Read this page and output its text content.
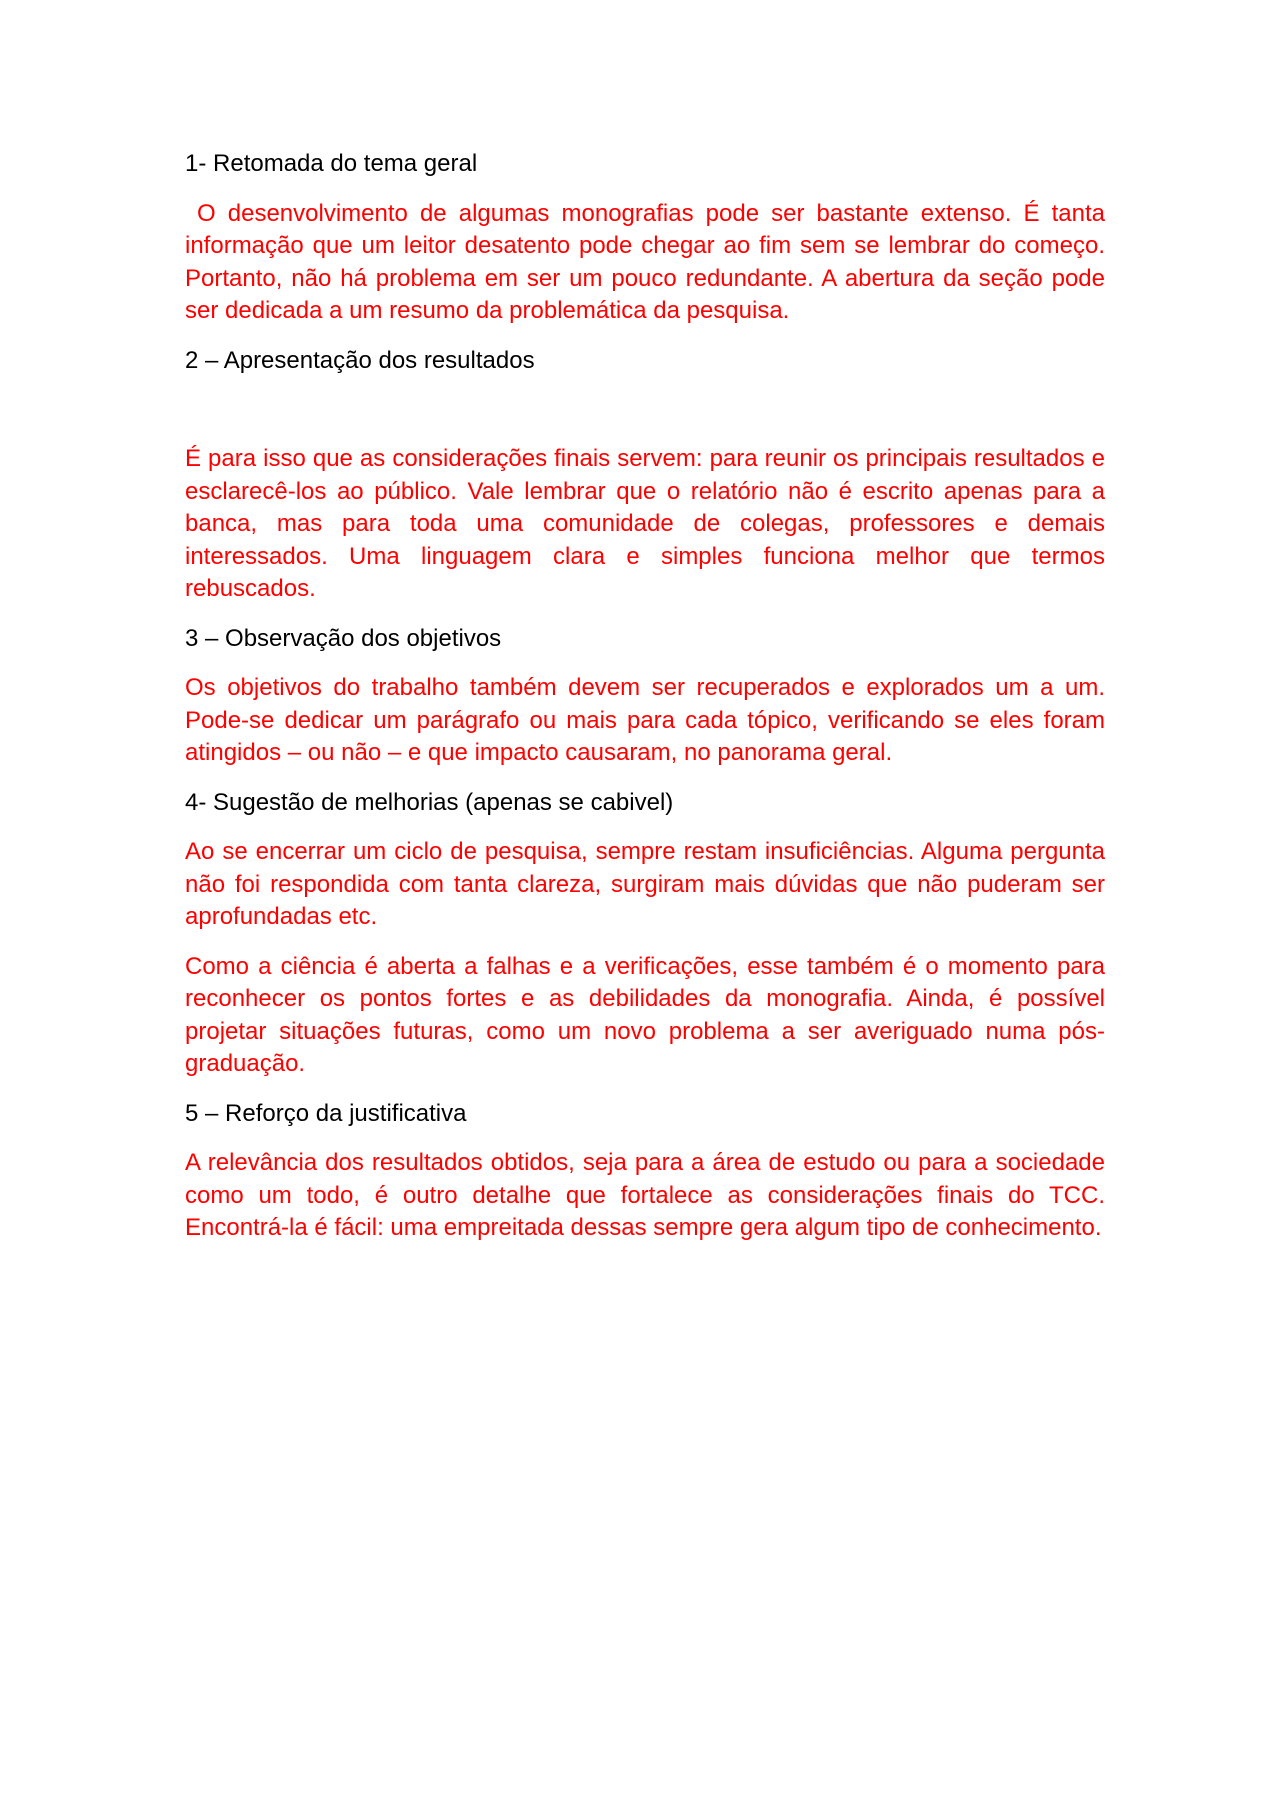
1- Retomada do tema geral

O desenvolvimento de algumas monografias pode ser bastante extenso. É tanta informação que um leitor desatento pode chegar ao fim sem se lembrar do começo. Portanto, não há problema em ser um pouco redundante. A abertura da seção pode ser dedicada a um resumo da problemática da pesquisa.

2 – Apresentação dos resultados

É para isso que as considerações finais servem: para reunir os principais resultados e esclarecê-los ao público. Vale lembrar que o relatório não é escrito apenas para a banca, mas para toda uma comunidade de colegas, professores e demais interessados. Uma linguagem clara e simples funciona melhor que termos rebuscados.

3 – Observação dos objetivos

Os objetivos do trabalho também devem ser recuperados e explorados um a um. Pode-se dedicar um parágrafo ou mais para cada tópico, verificando se eles foram atingidos – ou não – e que impacto causaram, no panorama geral.

4- Sugestão de melhorias (apenas se cabivel)

Ao se encerrar um ciclo de pesquisa, sempre restam insuficiências. Alguma pergunta não foi respondida com tanta clareza, surgiram mais dúvidas que não puderam ser aprofundadas etc.

Como a ciência é aberta a falhas e a verificações, esse também é o momento para reconhecer os pontos fortes e as debilidades da monografia. Ainda, é possível projetar situações futuras, como um novo problema a ser averiguado numa pós-graduação.

5 – Reforço da justificativa

A relevância dos resultados obtidos, seja para a área de estudo ou para a sociedade como um todo, é outro detalhe que fortalece as considerações finais do TCC. Encontrá-la é fácil: uma empreitada dessas sempre gera algum tipo de conhecimento.
